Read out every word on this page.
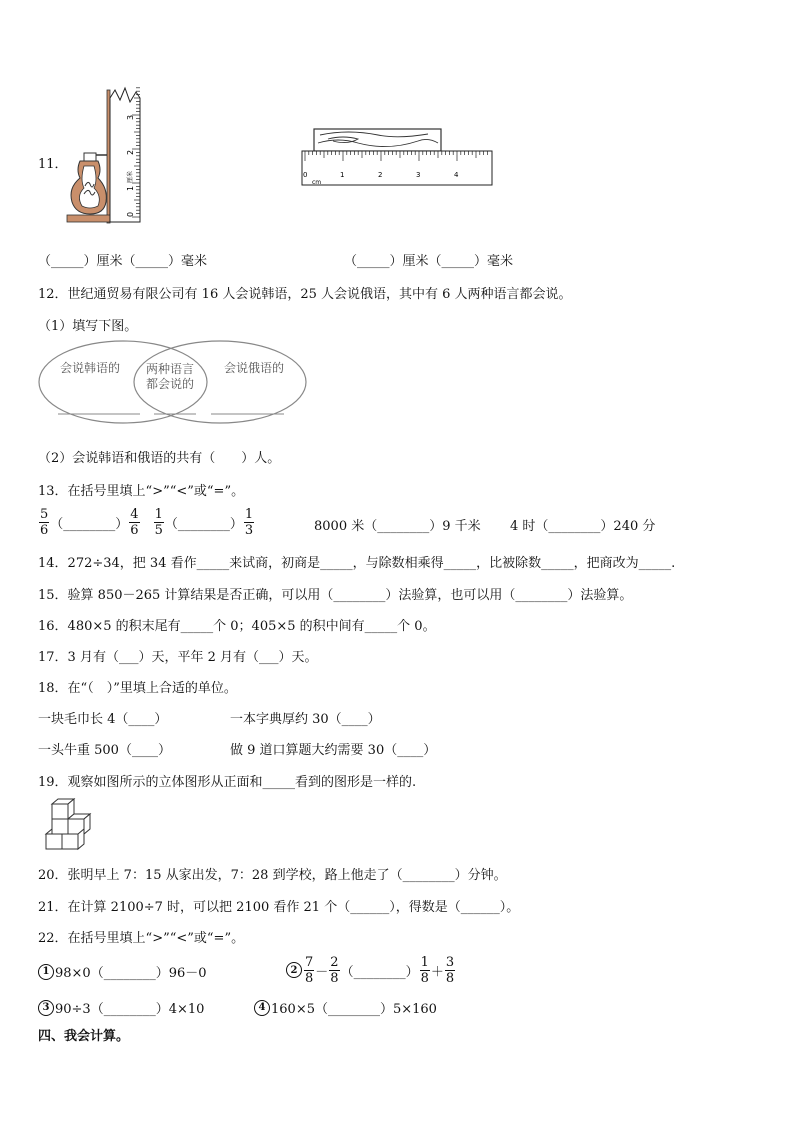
11．
0
1
2
3
厘米	0	1	2	3	4
cm
（_____）厘米（_____）毫米	（_____）厘米（_____）毫米
12．世纪通贸易有限公司有 16 人会说韩语，25 人会说俄语，其中有 6 人两种语言都会说。
（1）填写下图。
会说韩语的 两种语言
都会说的
会说俄语的
（2）会说韩语和俄语的共有（　　）人。
13．在括号里填上“>”“<”或“=”。
$\frac{5}{6}$ （________） $\frac{4}{6} \frac{1}{5}$ （________） $\frac{1}{3}$	8000 米（________）9 千米 4 时（________）240 分
14．272÷34，把 34 看作_____来试商，初商是_____，与除数相乘得_____，比被除数_____，把商改为_____.
15．验算 850－265 计算结果是否正确，可以用（________）法验算，也可以用（________）法验算。
16．480×5 的积末尾有_____个 0；405×5 的积中间有_____个 0。
17．3 月有（___）天，平年 2 月有（___）天。
18．在“（　）”里填上合适的单位。
一块毛巾长 4（____）	一本字典厚约 30（____）
一头牛重 500（____）	做 9 道口算题大约需要 30（____）
19．观察如图所示的立体图形从正面和_____看到的图形是一样的.
20．张明早上 7：15 从家出发，7：28 到学校，路上他走了（________）分钟。
21．在计算 2100÷7 时，可以把 2100 看作 21 个（______），得数是（______）。
22．在括号里填上“>”“<”或“=”。
1 98×0（________）96－0	$2 \frac{7}{8} - \frac{2}{8}$ （________） $\frac{1}{8} + \frac{3}{8}$
3 90÷3（________）4×10	4 160×5（________）5×160
四、我会计算。
